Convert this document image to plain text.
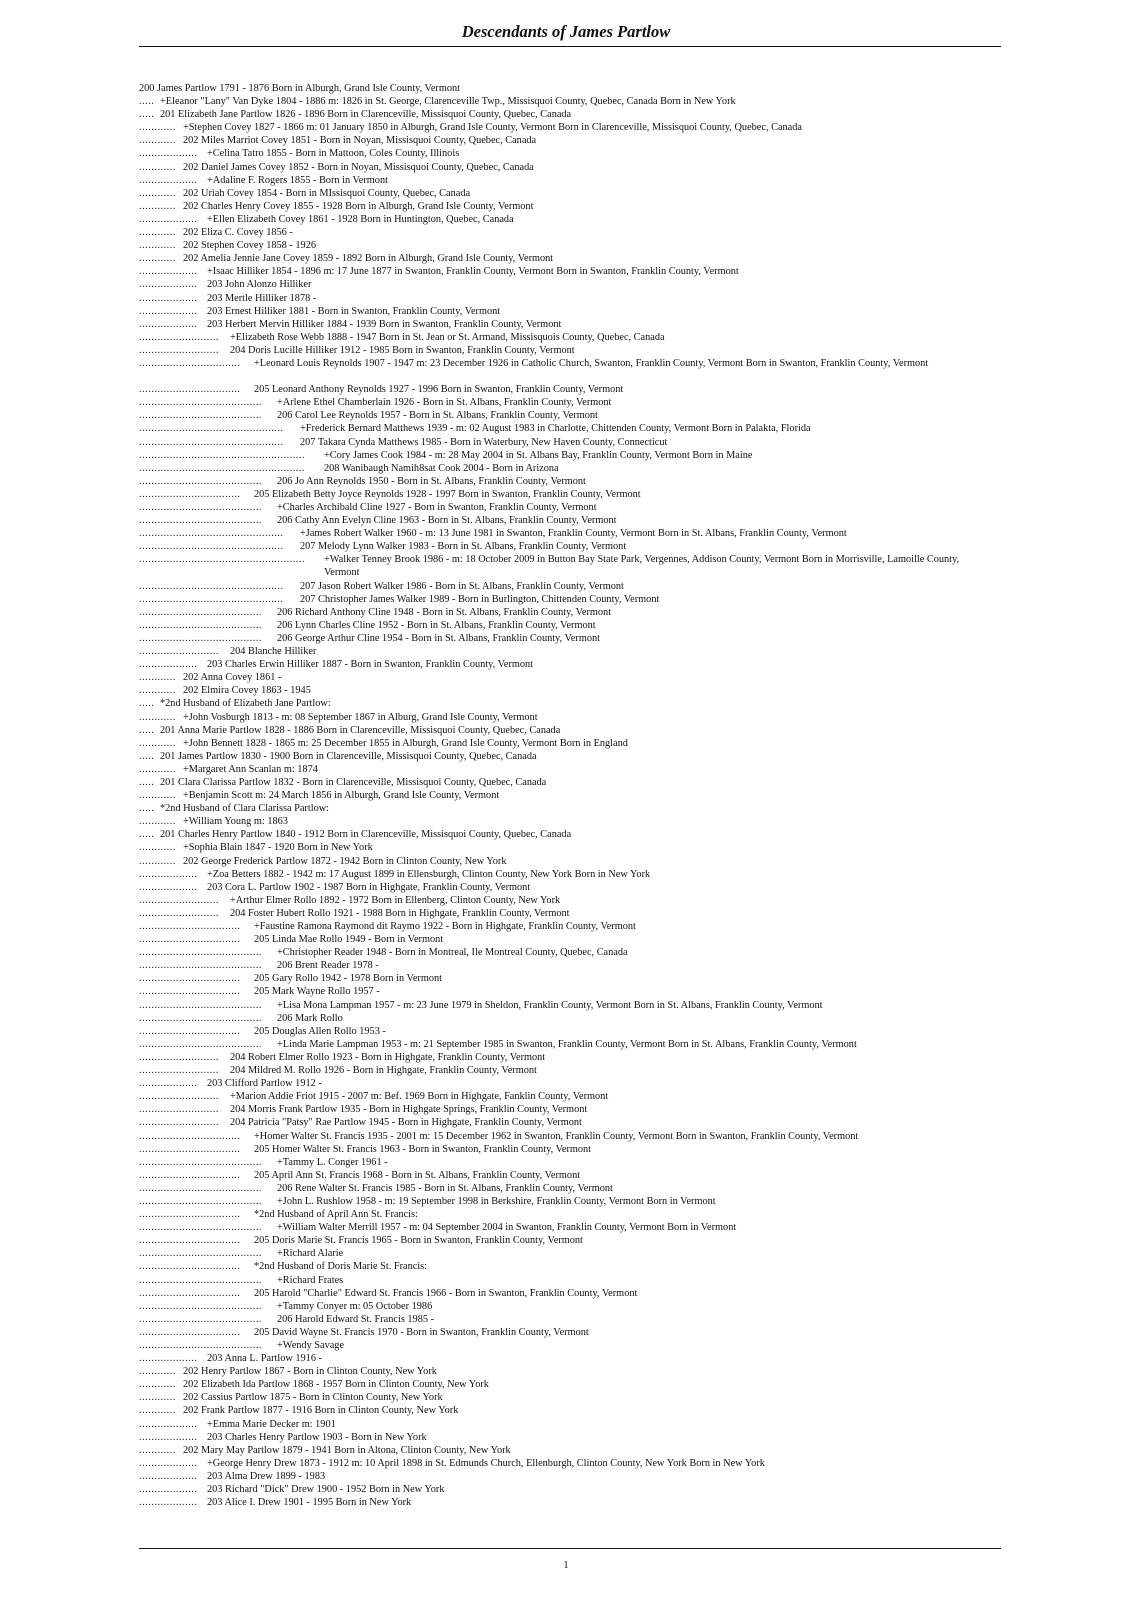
Descendants of James Partlow
200 James Partlow 1791 - 1876 Born in Alburgh, Grand Isle County, Vermont
..... +Eleanor "Lany" Van Dyke 1804 - 1886 m: 1826 in St. George, Clarenceville Twp., Missisquoi County, Quebec, Canada Born in New York
..... 201 Elizabeth Jane Partlow 1826 - 1896 Born in Clarenceville, Missisquoi County, Quebec, Canada
............ +Stephen Covey 1827 - 1866 m: 01 January 1850 in Alburgh, Grand Isle County, Vermont Born in Clarenceville, Missisquoi County, Quebec, Canada
............ 202 Miles Marriot Covey 1851 - Born in Noyan, Missisquoi County, Quebec, Canada
................... +Celina Tatro 1855 - Born in Mattoon, Coles County, Illinois
............ 202 Daniel James Covey 1852 - Born in Noyan, Missisquoi County, Quebec, Canada
................... +Adaline F. Rogers 1855 - Born in Vermont
............ 202 Uriah Covey 1854 - Born in MIssisquoi County, Quebec, Canada
............ 202 Charles Henry Covey 1855 - 1928 Born in Alburgh, Grand Isle County, Vermont
................... +Ellen Elizabeth Covey 1861 - 1928 Born in Huntington, Quebec, Canada
............ 202 Eliza C. Covey 1856 -
............ 202 Stephen Covey 1858 - 1926
............ 202 Amelia Jennie Jane Covey 1859 - 1892 Born in Alburgh, Grand Isle County, Vermont
................... +Isaac Hilliker 1854 - 1896 m: 17 June 1877 in Swanton, Franklin County, Vermont Born in Swanton, Franklin County, Vermont
................... 203 John Alonzo Hilliker
................... 203 Mertle Hilliker 1878 -
................... 203 Ernest Hilliker 1881 - Born in Swanton, Franklin County, Vermont
................... 203 Herbert Mervin Hilliker 1884 - 1939 Born in Swanton, Franklin County, Vermont
..........................	+Elizabeth Rose Webb 1888 - 1947 Born in St. Jean or St. Armand, Missisquois County, Quebec, Canada
..........................	204 Doris Lucille Hilliker 1912 - 1985 Born in Swanton, Franklin County, Vermont
.................................	+Leonard Louis Reynolds 1907 - 1947 m: 23 December 1926 in Catholic Church, Swanton, Franklin County, Vermont Born in Swanton, Franklin County, Vermont
.................................	205 Leonard Anthony Reynolds 1927 - 1996 Born in Swanton, Franklin County, Vermont
........................................	+Arlene Ethel Chamberlain 1926 - Born in St. Albans, Franklin County, Vermont
........................................	206 Carol Lee Reynolds 1957 - Born in St. Albans, Franklin County, Vermont
...............................................	+Frederick Bernard Matthews 1939 - m: 02 August 1983 in Charlotte, Chittenden County, Vermont Born in Palakta, Florida
...............................................	207 Takara Cynda Matthews 1985 - Born in Waterbury, New Haven County, Connecticut
......................................................	+Cory James Cook 1984 - m: 28 May 2004 in St. Albans Bay, Franklin County, Vermont Born in Maine
......................................................	208 Wanibaugh Namih8sat Cook 2004 - Born in Arizona
........................................	206 Jo Ann Reynolds 1950 - Born in St. Albans, Franklin County, Vermont
.................................	205 Elizabeth Betty Joyce Reynolds 1928 - 1997 Born in Swanton, Franklin County, Vermont
........................................	+Charles Archibald Cline 1927 - Born in Swanton, Franklin County, Vermont
........................................	206 Cathy Ann Evelyn Cline 1963 - Born in St. Albans, Franklin County, Vermont
...............................................	+James Robert Walker 1960 - m: 13 June 1981 in Swanton, Franklin County, Vermont Born in St. Albans, Franklin County, Vermont
...............................................	207 Melody Lynn Walker 1983 - Born in St. Albans, Franklin County, Vermont
......................................................	+Walker Tenney Brook 1986 - m: 18 October 2009 in Button Bay State Park, Vergennes, Addison County, Vermont Born in Morrisville, Lamoille County, Vermont
...............................................	207 Jason Robert Walker 1986 - Born in St. Albans, Franklin County, Vermont
...............................................	207 Christopher James Walker 1989 - Born in Burlington, Chittenden County, Vermont
........................................	206 Richard Anthony Cline 1948 - Born in St. Albans, Franklin County, Vermont
........................................	206 Lynn Charles Cline 1952 - Born in St. Albans, Franklin County, Vermont
........................................	206 George Arthur Cline 1954 - Born in St. Albans, Franklin County, Vermont
..........................	204 Blanche Hilliker
................... 203 Charles Erwin Hilliker 1887 - Born in Swanton, Franklin County, Vermont
............ 202 Anna Covey 1861 -
............ 202 Elmira Covey 1863 - 1945
..... *2nd Husband of Elizabeth Jane Partlow:
............ +John Vosburgh 1813 - m: 08 September 1867 in Alburg, Grand Isle County, Vermont
..... 201 Anna Marie Partlow 1828 - 1886 Born in Clarenceville, Missisquoi County, Quebec, Canada
............ +John Bennett 1828 - 1865 m: 25 December 1855 in Alburgh, Grand Isle County, Vermont Born in England
..... 201 James Partlow 1830 - 1900 Born in Clarenceville, Missisquoi County, Quebec, Canada
............ +Margaret Ann Scanlan m: 1874
..... 201 Clara Clarissa Partlow 1832 - Born in Clarenceville, Missisquoi County, Quebec, Canada
............ +Benjamin Scott m: 24 March 1856 in Alburgh, Grand Isle County, Vermont
..... *2nd Husband of Clara Clarissa Partlow:
............ +William Young m: 1863
..... 201 Charles Henry Partlow 1840 - 1912 Born in Clarenceville, Missisquoi County, Quebec, Canada
............ +Sophia Blain 1847 - 1920 Born in New York
............ 202 George Frederick Partlow 1872 - 1942 Born in Clinton County, New York
................... +Zoa Betters 1882 - 1942 m: 17 August 1899 in Ellensburgh, Clinton County, New York Born in New York
................... 203 Cora L. Partlow 1902 - 1987 Born in Highgate, Franklin County, Vermont
..........................	+Arthur Elmer Rollo 1892 - 1972 Born in Ellenberg, Clinton County, New York
..........................	204 Foster Hubert Rollo 1921 - 1988 Born in Highgate, Franklin County, Vermont
.................................	+Faustine Ramona Raymond dit Raymo 1922 - Born in Highgate, Franklin County, Vermont
.................................	205 Linda Mae Rollo 1949 - Born in Vermont
........................................	+Christopher Reader 1948 - Born in Montreal, Ile Montreal County, Quebec, Canada
........................................	206 Brent Reader 1978 -
.................................	205 Gary Rollo 1942 - 1978 Born in Vermont
.................................	205 Mark Wayne Rollo 1957 -
........................................	+Lisa Mona Lampman 1957 - m: 23 June 1979 in Sheldon, Franklin County, Vermont Born in St. Albans, Franklin County, Vermont
........................................	206 Mark Rollo
.................................	205 Douglas Allen Rollo 1953 -
........................................	+Linda Marie Lampman 1953 - m: 21 September 1985 in Swanton, Franklin County, Vermont Born in St. Albans, Franklin County, Vermont
..........................	204 Robert Elmer Rollo 1923 - Born in Highgate, Franklin County, Vermont
..........................	204 Mildred M. Rollo 1926 - Born in Highgate, Franklin County, Vermont
................... 203 Clifford Partlow 1912 -
..........................	+Marion Addie Friot 1915 - 2007 m: Bef. 1969 Born in Highgate, Fanklin County, Vermont
..........................	204 Morris Frank Partlow 1935 - Born in Highgate Springs, Franklin County, Vermont
..........................	204 Patricia "Patsy" Rae Partlow 1945 - Born in Highgate, Franklin County, Vermont
.................................	+Homer Walter St. Francis 1935 - 2001 m: 15 December 1962 in Swanton, Franklin County, Vermont Born in Swanton, Franklin County, Vermont
.................................	205 Homer Walter St. Francis 1963 - Born in Swanton, Franklin County, Vermont
........................................	+Tammy L. Conger 1961 -
.................................	205 April Ann St. Francis 1968 - Born in St. Albans, Franklin County, Vermont
........................................	206 Rene Walter St. Francis 1985 - Born in St. Albans, Franklin County, Vermont
........................................	+John L. Rushlow 1958 - m: 19 September 1998 in Berkshire, Franklin County, Vermont Born in Vermont
.................................	*2nd Husband of April Ann St. Francis:
........................................	+William Walter Merrill 1957 - m: 04 September 2004 in Swanton, Franklin County, Vermont Born in Vermont
.................................	205 Doris Marie St. Francis 1965 - Born in Swanton, Franklin County, Vermont
........................................	+Richard Alarie
.................................	*2nd Husband of Doris Marie St. Francis:
........................................	+Richard Frates
.................................	205 Harold "Charlie" Edward St. Francis 1966 - Born in Swanton, Franklin County, Vermont
........................................	+Tammy Conyer m: 05 October 1986
........................................	206 Harold Edward St. Francis 1985 -
.................................	205 David Wayne St. Francis 1970 - Born in Swanton, Franklin County, Vermont
........................................	+Wendy Savage
................... 203 Anna L. Partlow 1916 -
............ 202 Henry Partlow 1867 - Born in Clinton County, New York
............ 202 Elizabeth Ida Partlow 1868 - 1957 Born in Clinton County, New York
............ 202 Cassius Partlow 1875 - Born in Clinton County, New York
............ 202 Frank Partlow 1877 - 1916 Born in Clinton County, New York
................... +Emma Marie Decker m: 1901
................... 203 Charles Henry Partlow 1903 - Born in New York
............ 202 Mary May Partlow 1879 - 1941 Born in Altona, Clinton County, New York
................... +George Henry Drew 1873 - 1912 m: 10 April 1898 in St. Edmunds Church, Ellenburgh, Clinton County, New York Born in New York
................... 203 Alma Drew 1899 - 1983
................... 203 Richard "Dick" Drew 1900 - 1952 Born in New York
................... 203 Alice I. Drew 1901 - 1995 Born in New York
1
